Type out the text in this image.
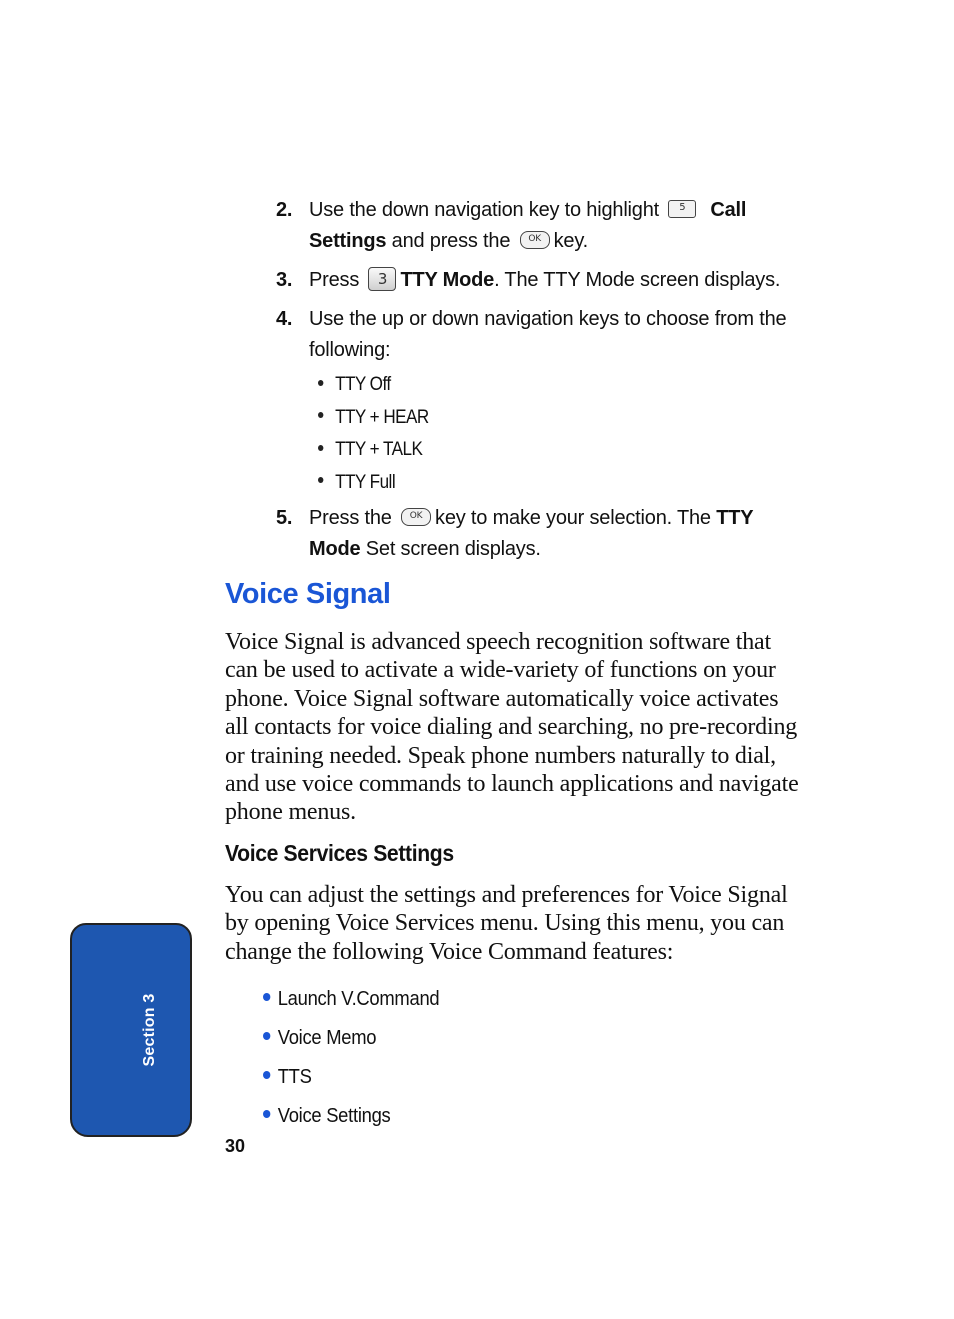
2. Use the down navigation key to highlight 5 Call
Settings and press the OK key.
3. Press 3 TTY Mode. The TTY Mode screen displays.
4. Use the up or down navigation keys to choose from the following:
TTY Off
TTY + HEAR
TTY + TALK
TTY Full
5. Press the OK key to make your selection. The TTY Mode Set screen displays.
Voice Signal
Voice Signal is advanced speech recognition software that can be used to activate a wide-variety of functions on your phone. Voice Signal software automatically voice activates all contacts for voice dialing and searching, no pre-recording or training needed. Speak phone numbers naturally to dial, and use voice commands to launch applications and navigate phone menus.
Voice Services Settings
You can adjust the settings and preferences for Voice Signal by opening Voice Services menu. Using this menu, you can change the following Voice Command features:
Launch V.Command
Voice Memo
TTS
Voice Settings
Section 3
30
